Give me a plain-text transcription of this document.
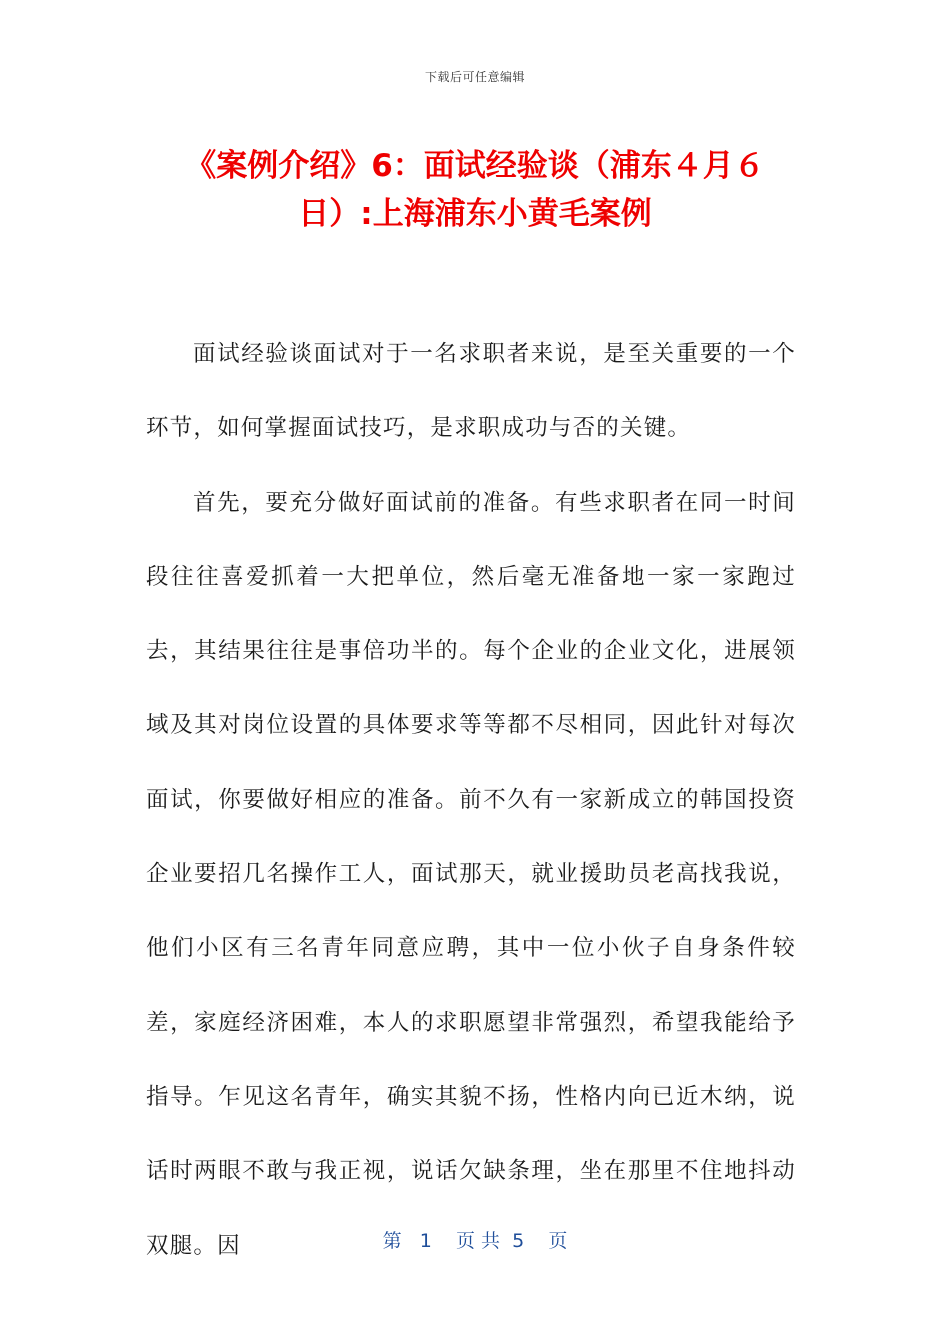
下载后可任意编辑
《案例介绍》6：面试经验谈（浦东４月６日）:上海浦东小黄毛案例

面试经验谈面试对于一名求职者来说，是至关重要的一个环节，如何掌握面试技巧，是求职成功与否的关键。

首先，要充分做好面试前的准备。有些求职者在同一时间段往往喜爱抓着一大把单位，然后毫无准备地一家一家跑过去，其结果往往是事倍功半的。每个企业的企业文化，进展领域及其对岗位设置的具体要求等等都不尽相同，因此针对每次面试，你要做好相应的准备。前不久有一家新成立的韩国投资企业要招几名操作工人，面试那天，就业援助员老高找我说，他们小区有三名青年同意应聘，其中一位小伙子自身条件较差，家庭经济困难，本人的求职愿望非常强烈，希望我能给予指导。乍见这名青年，确实其貌不扬，性格内向已近木纳，说话时两眼不敢与我正视，说话欠缺条理，坐在那里不住地抖动双腿。因	第   1    页 共  5    页
